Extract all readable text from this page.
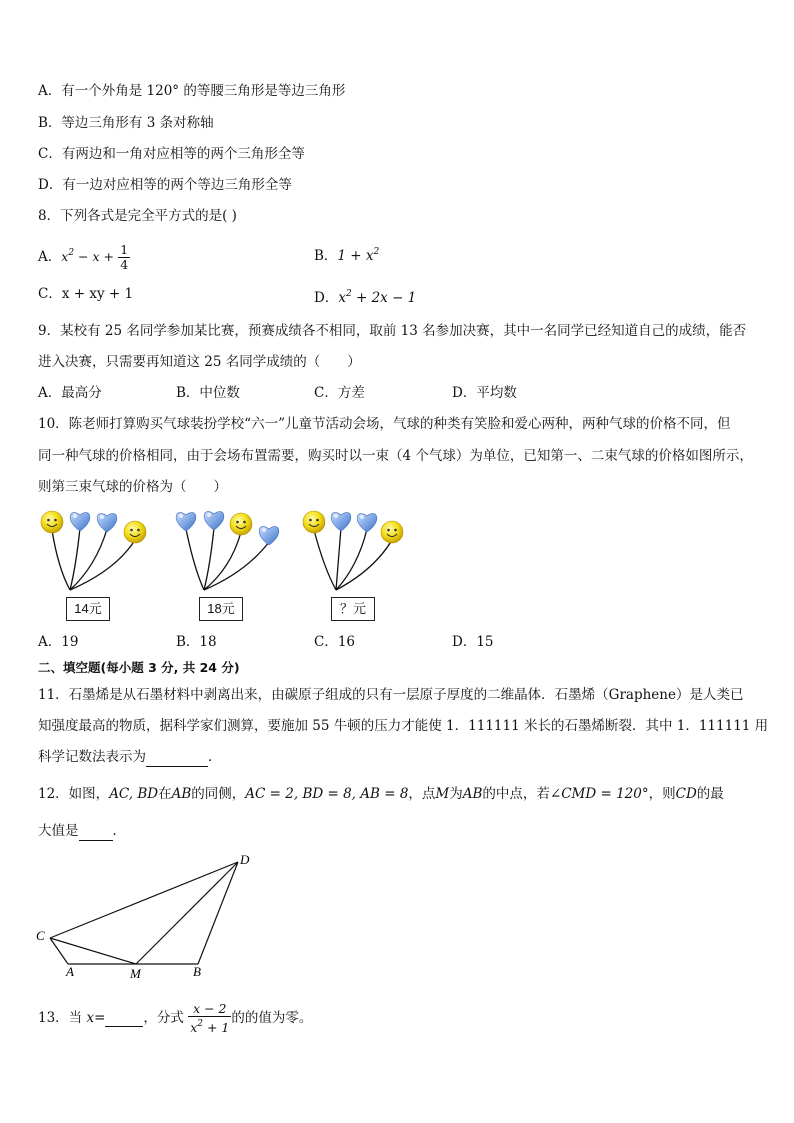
A．有一个外角是 120° 的等腰三角形是等边三角形
B．等边三角形有 3 条对称轴
C．有两边和一角对应相等的两个三角形全等
D．有一边对应相等的两个等边三角形全等
8．下列各式是完全平方式的是( )
A．$x^2 - x + \frac{1}{4}$	B．$1 + x^2$
C．x + xy + 1	D．$x^2 + 2x - 1$
9．某校有 25 名同学参加某比赛，预赛成绩各不相同，取前 13 名参加决赛，其中一名同学已经知道自己的成绩，能否
进入决赛，只需要再知道这 25 名同学成绩的（　　）
A．最高分	B．中位数	C．方差	D．平均数
10．陈老师打算购买气球装扮学校“六一”儿童节活动会场，气球的种类有笑脸和爱心两种，两种气球的价格不同，但
同一种气球的价格相同，由于会场布置需要，购买时以一束（4 个气球）为单位，已知第一、二束气球的价格如图所示，
则第三束气球的价格为（　　）
14元	18元	？元
A．19	B．18	C．16	D．15
二、填空题(每小题 3 分, 共 24 分)
11．石墨烯是从石墨材料中剥离出来，由碳原子组成的只有一层原子厚度的二维晶体．石墨烯（Graphene）是人类已
知强度最高的物质，据科学家们测算，要施加 55 牛顿的压力才能使 1．111111 米长的石墨烯断裂．其中 1．111111 用
科学记数法表示为	．
12．如图，AC, BD在AB的同侧，AC = 2, BD = 8, AB = 8，点M为AB的中点，若∠CMD = 120°，则CD的最
大值是	．
C
D
A	M	B
13．当 x=	，分式 $\frac{x - 2}{x^2 + 1}$ 的的值为零。
